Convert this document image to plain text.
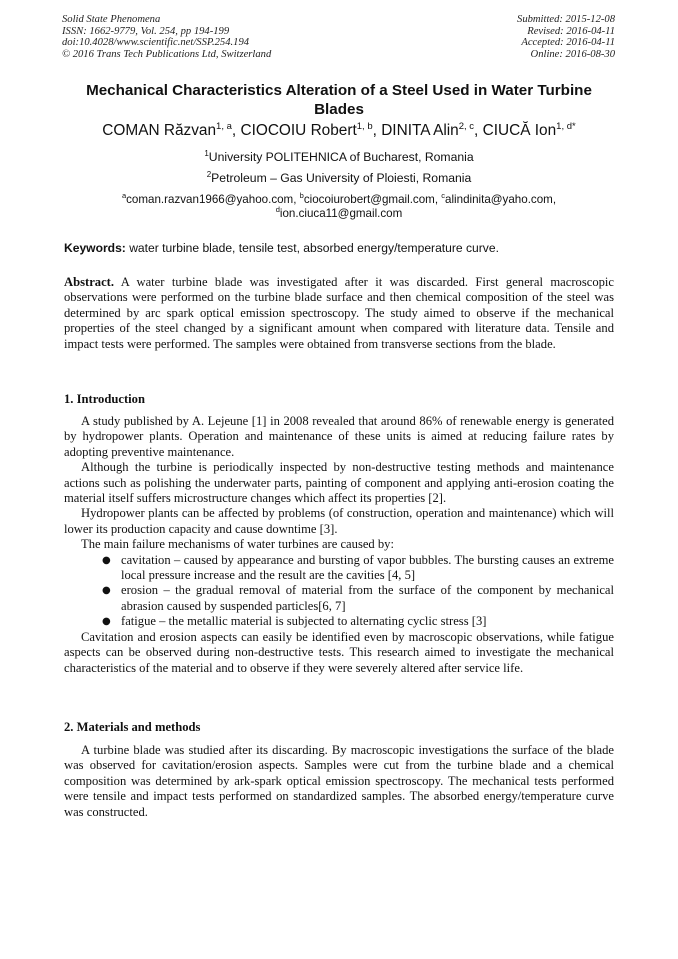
Solid State Phenomena
ISSN: 1662-9779, Vol. 254, pp 194-199
doi:10.4028/www.scientific.net/SSP.254.194
© 2016 Trans Tech Publications Ltd, Switzerland
Submitted: 2015-12-08
Revised: 2016-04-11
Accepted: 2016-04-11
Online: 2016-08-30
Mechanical Characteristics Alteration of a Steel Used in Water Turbine Blades
COMAN Răzvan$^{1, a}$, CIOCOIU Robert$^{1, b}$, DINITA Alin$^{2, c}$, CIUCĂ Ion$^{1, d*}$
$^1$University POLITEHNICA of Bucharest, Romania
$^2$Petroleum – Gas University of Ploiesti, Romania
$^a$coman.razvan1966@yahoo.com, $^b$ciocoiurobert@gmail.com, $^c$alindinita@yaho.com,
$^d$ion.ciuca11@gmail.com
Keywords: water turbine blade, tensile test, absorbed energy/temperature curve.

Abstract. A water turbine blade was investigated after it was discarded. First general macroscopic observations were performed on the turbine blade surface and then chemical composition of the steel was determined by arc spark optical emission spectroscopy. The study aimed to observe if the mechanical properties of the steel changed by a significant amount when compared with literature data. Tensile and impact tests were performed. The samples were obtained from transverse sections from the blade.

1. Introduction

A study published by A. Lejeune [1] in 2008 revealed that around 86% of renewable energy is generated by hydropower plants. Operation and maintenance of these units is aimed at reducing failure rates by adopting preventive maintenance.

Although the turbine is periodically inspected by non-destructive testing methods and maintenance actions such as polishing the underwater parts, painting of component and applying anti-erosion coating the material itself suffers microstructure changes which affect its properties [2].

Hydropower plants can be affected by problems (of construction, operation and maintenance) which will lower its production capacity and cause downtime [3].

The main failure mechanisms of water turbines are caused by:

● cavitation – caused by appearance and bursting of vapor bubbles. The bursting causes an extreme local pressure increase and the result are the cavities [4, 5]
● erosion – the gradual removal of material from the surface of the component by mechanical abrasion caused by suspended particles[6, 7]
● fatigue – the metallic material is subjected to alternating cyclic stress [3]

Cavitation and erosion aspects can easily be identified even by macroscopic observations, while fatigue aspects can be observed during non-destructive tests. This research aimed to investigate the mechanical characteristics of the material and to observe if they were severely altered after service life.

2. Materials and methods

A turbine blade was studied after its discarding. By macroscopic investigations the surface of the blade was observed for cavitation/erosion aspects. Samples were cut from the turbine blade and a chemical composition was determined by ark-spark optical emission spectroscopy. The mechanical tests performed were tensile and impact tests performed on standardized samples. The absorbed energy/temperature curve was constructed.
